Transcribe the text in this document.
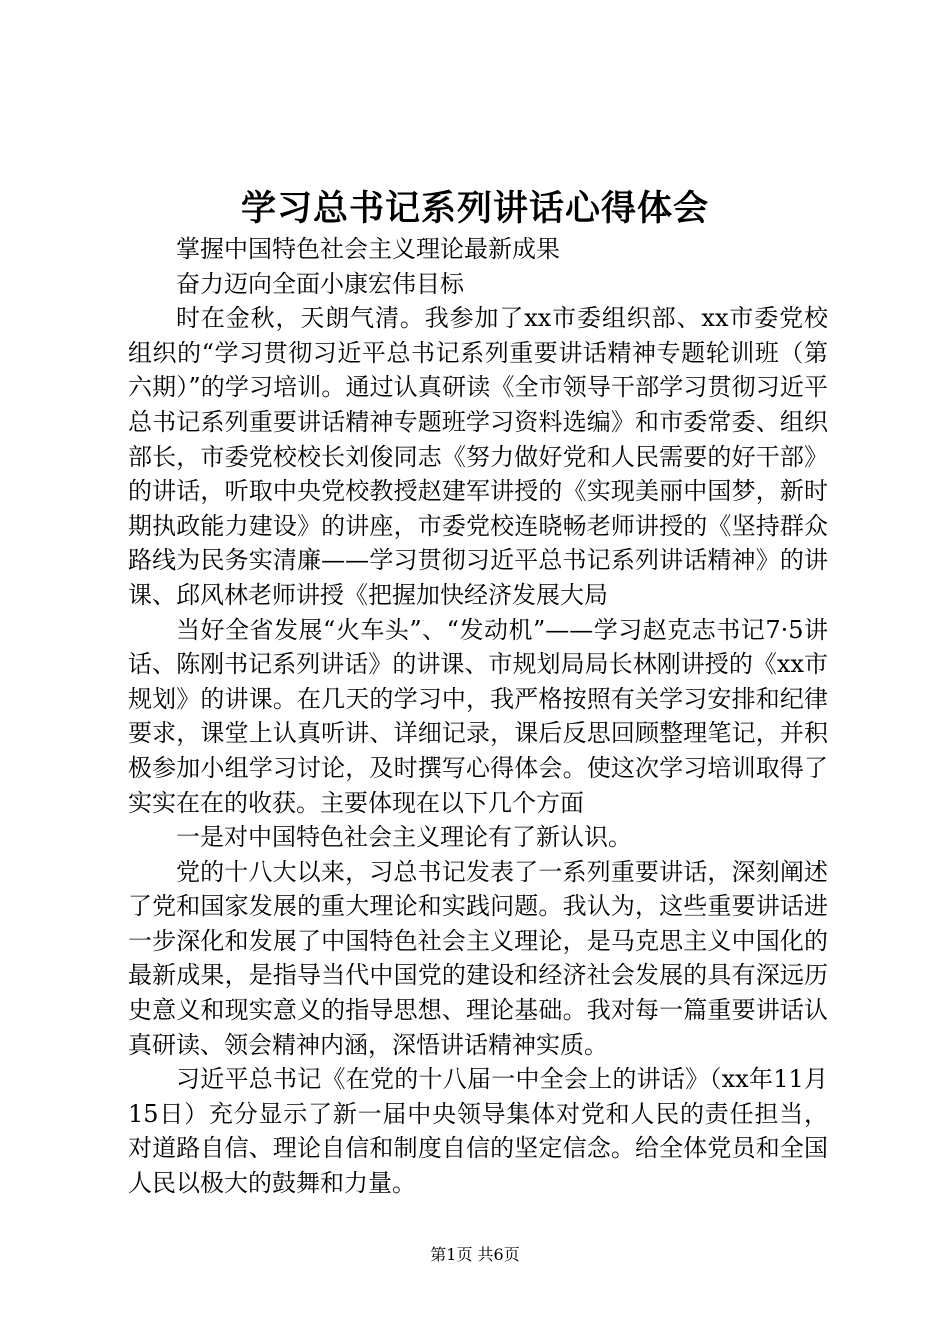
学习总书记系列讲话心得体会

掌握中国特色社会主义理论最新成果

奋力迈向全面小康宏伟目标

时在金秋，天朗气清。我参加了xx市委组织部、xx市委党校组织的“学习贯彻习近平总书记系列重要讲话精神专题轮训班（第六期）”的学习培训。通过认真研读《全市领导干部学习贯彻习近平总书记系列重要讲话精神专题班学习资料选编》和市委常委、组织部长，市委党校校长刘俊同志《努力做好党和人民需要的好干部》的讲话，听取中央党校教授赵建军讲授的《实现美丽中国梦，新时期执政能力建设》的讲座，市委党校连晓畅老师讲授的《坚持群众路线为民务实清廉——学习贯彻习近平总书记系列讲话精神》的讲课、邱风林老师讲授《把握加快经济发展大局

当好全省发展“火车头”、“发动机”——学习赵克志书记7·5讲话、陈刚书记系列讲话》的讲课、市规划局局长林刚讲授的《xx市规划》的讲课。在几天的学习中，我严格按照有关学习安排和纪律要求，课堂上认真听讲、详细记录，课后反思回顾整理笔记，并积极参加小组学习讨论，及时撰写心得体会。使这次学习培训取得了实实在在的收获。主要体现在以下几个方面

一是对中国特色社会主义理论有了新认识。

党的十八大以来，习总书记发表了一系列重要讲话，深刻阐述了党和国家发展的重大理论和实践问题。我认为，这些重要讲话进一步深化和发展了中国特色社会主义理论，是马克思主义中国化的最新成果，是指导当代中国党的建设和经济社会发展的具有深远历史意义和现实意义的指导思想、理论基础。我对每一篇重要讲话认真研读、领会精神内涵，深悟讲话精神实质。

习近平总书记《在党的十八届一中全会上的讲话》（xx年11月15日）充分显示了新一届中央领导集体对党和人民的责任担当，对道路自信、理论自信和制度自信的坚定信念。给全体党员和全国人民以极大的鼓舞和力量。

第1页 共6页
